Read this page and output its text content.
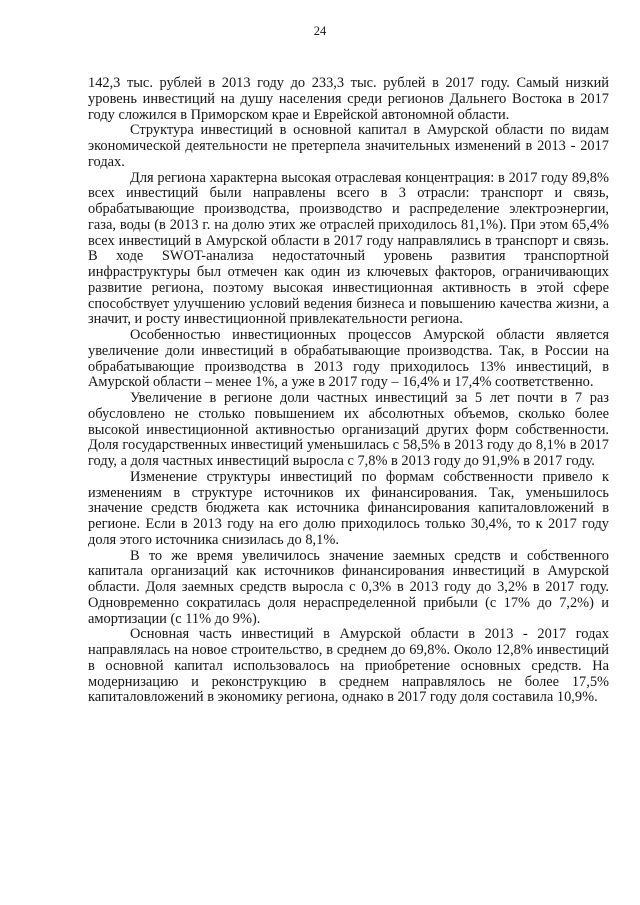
24

142,3 тыс. рублей в 2013 году до 233,3 тыс. рублей в 2017 году. Самый низкий уровень инвестиций на душу населения среди регионов Дальнего Востока в 2017 году сложился в Приморском крае и Еврейской автономной области.

Структура инвестиций в основной капитал в Амурской области по видам экономической деятельности не претерпела значительных изменений в 2013 - 2017 годах.

Для региона характерна высокая отраслевая концентрация: в 2017 году 89,8% всех инвестиций были направлены всего в 3 отрасли: транспорт и связь, обрабатывающие производства, производство и распределение электроэнергии, газа, воды (в 2013 г. на долю этих же отраслей приходилось 81,1%). При этом 65,4% всех инвестиций в Амурской области в 2017 году направлялись в транспорт и связь. В ходе SWOT-анализа недостаточный уровень развития транспортной инфраструктуры был отмечен как один из ключевых факторов, ограничивающих развитие региона, поэтому высокая инвестиционная активность в этой сфере способствует улучшению условий ведения бизнеса и повышению качества жизни, а значит, и росту инвестиционной привлекательности региона.

Особенностью инвестиционных процессов Амурской области является увеличение доли инвестиций в обрабатывающие производства. Так, в России на обрабатывающие производства в 2013 году приходилось 13% инвестиций, в Амурской области – менее 1%, а уже в 2017 году – 16,4% и 17,4% соответственно.

Увеличение в регионе доли частных инвестиций за 5 лет почти в 7 раз обусловлено не столько повышением их абсолютных объемов, сколько более высокой инвестиционной активностью организаций других форм собственности. Доля государственных инвестиций уменьшилась с 58,5% в 2013 году до 8,1% в 2017 году, а доля частных инвестиций выросла с 7,8% в 2013 году до 91,9% в 2017 году.

Изменение структуры инвестиций по формам собственности привело к изменениям в структуре источников их финансирования. Так, уменьшилось значение средств бюджета как источника финансирования капиталовложений в регионе. Если в 2013 году на его долю приходилось только 30,4%, то к 2017 году доля этого источника снизилась до 8,1%.

В то же время увеличилось значение заемных средств и собственного капитала организаций как источников финансирования инвестиций в Амурской области. Доля заемных средств выросла с 0,3% в 2013 году до 3,2% в 2017 году. Одновременно сократилась доля нераспределенной прибыли (с 17% до 7,2%) и амортизации (с 11% до 9%).

Основная часть инвестиций в Амурской области в 2013 - 2017 годах направлялась на новое строительство, в среднем до 69,8%. Около 12,8% инвестиций в основной капитал использовалось на приобретение основных средств. На модернизацию и реконструкцию в среднем направлялось не более 17,5% капиталовложений в экономику региона, однако в 2017 году доля составила 10,9%.
